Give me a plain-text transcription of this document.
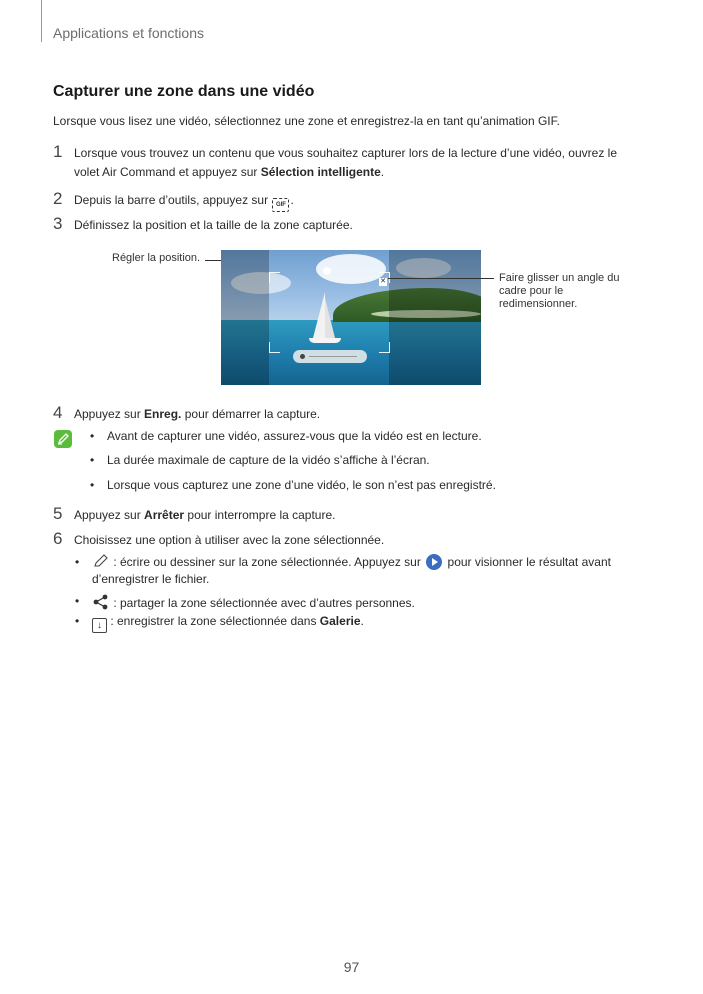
Applications et fonctions
Capturer une zone dans une vidéo
Lorsque vous lisez une vidéo, sélectionnez une zone et enregistrez-la en tant qu’animation GIF.
1 Lorsque vous trouvez un contenu que vous souhaitez capturer lors de la lecture d’une vidéo, ouvrez le
volet Air Command et appuyez sur Sélection intelligente.
2 Depuis la barre d’outils, appuyez sur GIF .
3 Définissez la position et la taille de la zone capturée.
Régler la position.
✕	Faire glisser un angle du
cadre pour le
redimensionner.
4 Appuyez sur Enreg. pour démarrer la capture.
• Avant de capturer une vidéo, assurez-vous que la vidéo est en lecture.
• La durée maximale de capture de la vidéo s’affiche à l’écran.
• Lorsque vous capturez une zone d’une vidéo, le son n’est pas enregistré.
5 Appuyez sur Arrêter pour interrompre la capture.
6 Choisissez une option à utiliser avec la zone sélectionnée.
•	: écrire ou dessiner sur la zone sélectionnée. Appuyez sur  pour visionner le résultat avant
d’enregistrer le fichier.
•	: partager la zone sélectionnée avec d’autres personnes.
•	↓ : enregistrer la zone sélectionnée dans Galerie.
97
